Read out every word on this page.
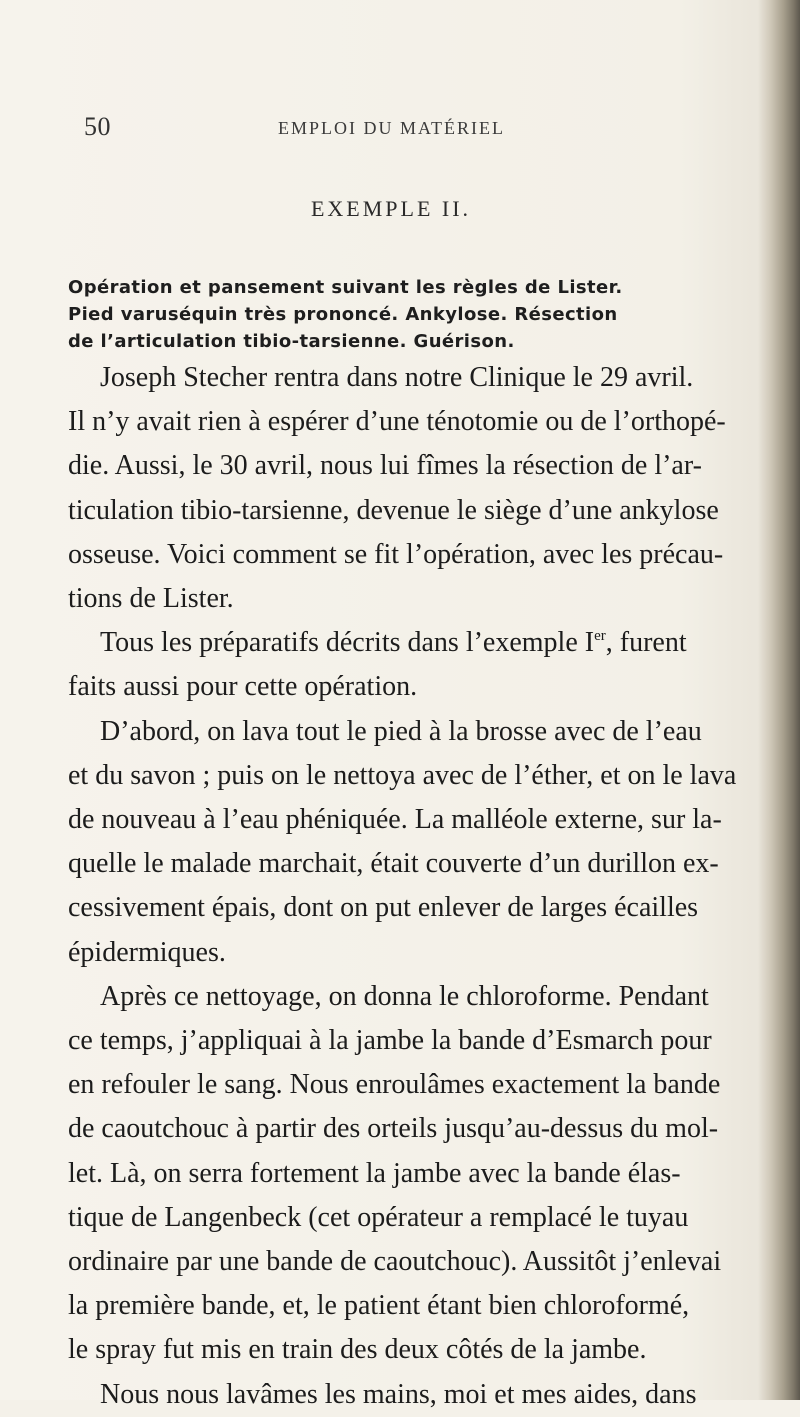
50	EMPLOI DU MATÉRIEL
EXEMPLE II.
Opération et pansement suivant les règles de Lister.
Pied varuséquin très prononcé. Ankylose. Résection
de l’articulation tibio-tarsienne. Guérison.
Joseph Stecher rentra dans notre Clinique le 29 avril.
Il n’y avait rien à espérer d’une ténotomie ou de l’orthopé-
die. Aussi, le 30 avril, nous lui fîmes la résection de l’ar-
ticulation tibio-tarsienne, devenue le siège d’une ankylose
osseuse. Voici comment se fit l’opération, avec les précau-
tions de Lister.
Tous les préparatifs décrits dans l’exemple Ier, furent
faits aussi pour cette opération.
D’abord, on lava tout le pied à la brosse avec de l’eau
et du savon ; puis on le nettoya avec de l’éther, et on le lava
de nouveau à l’eau phéniquée. La malléole externe, sur la-
quelle le malade marchait, était couverte d’un durillon ex-
cessivement épais, dont on put enlever de larges écailles
épidermiques.
Après ce nettoyage, on donna le chloroforme. Pendant
ce temps, j’appliquai à la jambe la bande d’Esmarch pour
en refouler le sang. Nous enroulâmes exactement la bande
de caoutchouc à partir des orteils jusqu’au-dessus du mol-
let. Là, on serra fortement la jambe avec la bande élas-
tique de Langenbeck (cet opérateur a remplacé le tuyau
ordinaire par une bande de caoutchouc). Aussitôt j’enlevai
la première bande, et, le patient étant bien chloroformé,
le spray fut mis en train des deux côtés de la jambe.
Nous nous lavâmes les mains, moi et mes aides, dans
